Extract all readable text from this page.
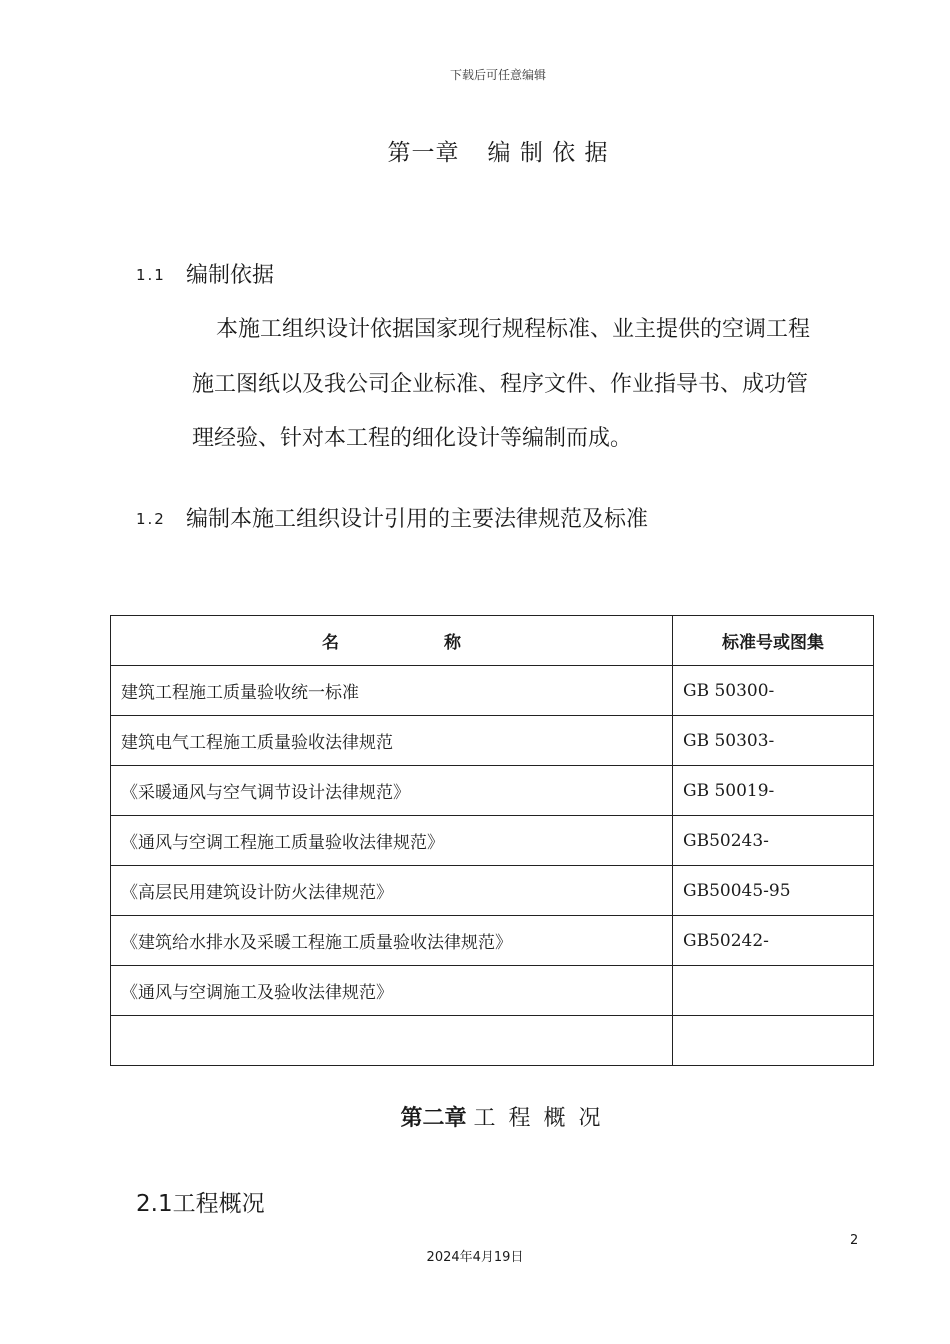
下载后可任意编辑
第一章 编 制 依 据
1.1 编制依据
本施工组织设计依据国家现行规程标准、业主提供的空调工程
施工图纸以及我公司企业标准、程序文件、作业指导书、成功管
理经验、针对本工程的细化设计等编制而成。
1.2 编制本施工组织设计引用的主要法律规范及标准
名 称	标准号或图集
建筑工程施工质量验收统一标准	GB 50300-
建筑电气工程施工质量验收法律规范	GB 50303-
《采暖通风与空气调节设计法律规范》	GB 50019-
《通风与空调工程施工质量验收法律规范》	GB50243-
《高层民用建筑设计防火法律规范》	GB50045-95
《建筑给水排水及采暖工程施工质量验收法律规范》	GB50242-
《通风与空调施工及验收法律规范》	

第二章 工 程 概 况
2.1工程概况
2
2024年4月19日
